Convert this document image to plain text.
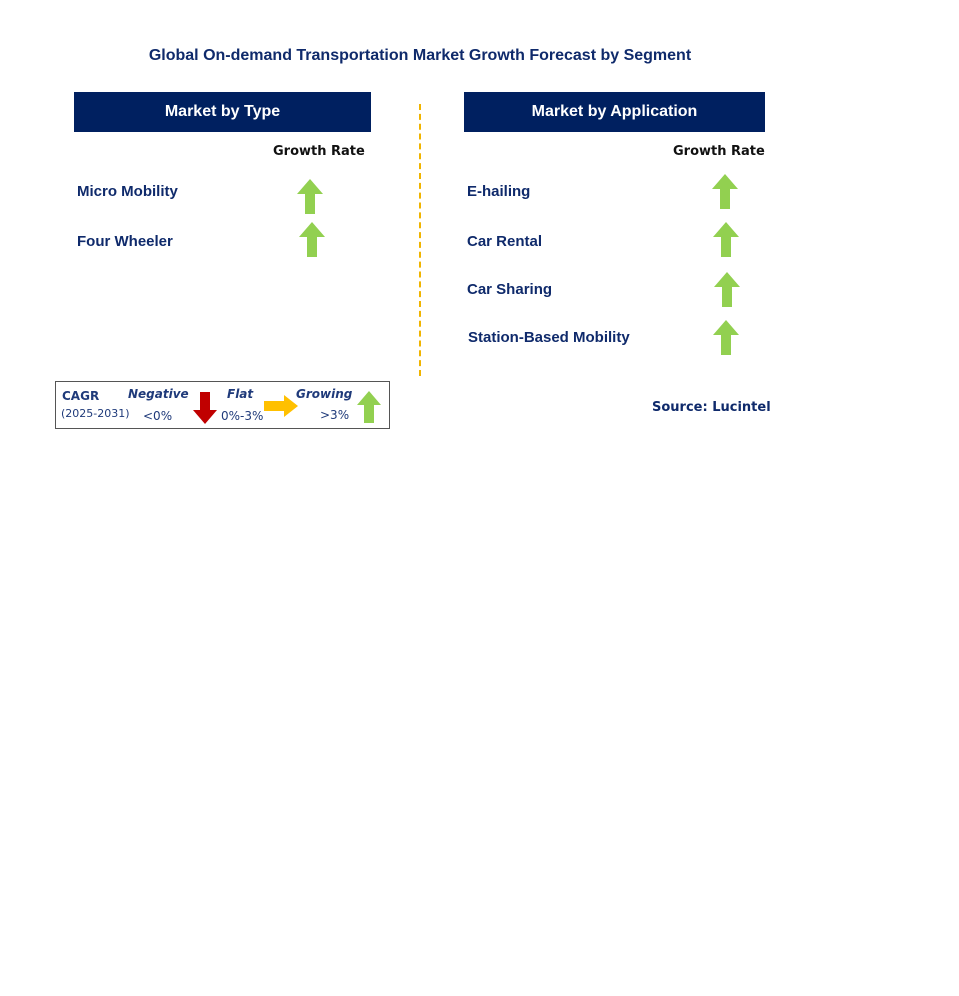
Global On-demand Transportation Market Growth Forecast by Segment
Market by Type
Growth Rate
Micro Mobility
Four Wheeler
Market by Application
Growth Rate
E-hailing
Car Rental
Car Sharing
Station-Based Mobility
CAGR
(2025-2031)
Negative
<0%
Flat
0%-3%
Growing
>3%	Source: Lucintel
